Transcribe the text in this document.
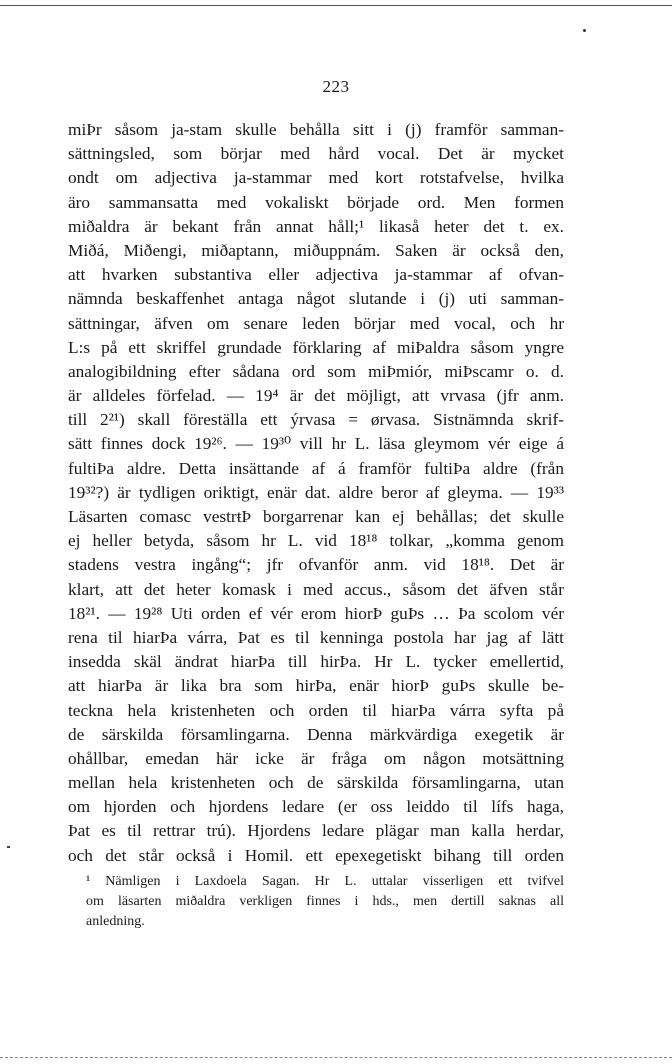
223
miÞr såsom ja-stam skulle behålla sitt i (j) framför samman-
sättningsled, som börjar med hård vocal. Det är mycket
ondt om adjectiva ja-stammar med kort rotstafvelse, hvilka
äro sammansatta med vokaliskt började ord. Men formen
miðaldra är bekant från annat håll;¹ likaså heter det t. ex.
Miðá, Miðengi, miðaptann, miðuppnám. Saken är också den,
att hvarken substantiva eller adjectiva ja-stammar af ofvan-
nämnda beskaffenhet antaga något slutande i (j) uti samman-
sättningar, äfven om senare leden börjar med vocal, och hr
L:s på ett skriffel grundade förklaring af miÞaldra såsom yngre
analogibildning efter sådana ord som miÞmiór, miÞscamr o. d.
är alldeles förfelad. — 19⁴ är det möjligt, att vrvasa (jfr anm.
till 2²¹) skall föreställa ett ýrvasa = ørvasa. Sistnämnda skrif-
sätt finnes dock 19²⁶. — 19³⁰ vill hr L. läsa gleymom vér eige á
fultiÞa aldre. Detta insättande af á framför fultiÞa aldre (från
19³²?) är tydligen oriktigt, enär dat. aldre beror af gleyma. — 19³³
Läsarten comasc vestrŧÞ borgarrenar kan ej behållas; det skulle
ej heller betyda, såsom hr L. vid 18¹⁸ tolkar, „komma genom
stadens vestra ingång“; jfr ofvanför anm. vid 18¹⁸. Det är
klart, att det heter komask i med accus., såsom det äfven står
18²¹. — 19²⁸ Uti orden ef vér erom hiorÞ guÞs … Þa scolom vér
rena til hiarÞa várra, Þat es til kenninga postola har jag af lätt
insedda skäl ändrat hiarÞa till hirÞa. Hr L. tycker emellertid,
att hiarÞa är lika bra som hirÞa, enär hiorÞ guÞs skulle be-
teckna hela kristenheten och orden til hiarÞa várra syfta på
de särskilda församlingarna. Denna märkvärdiga exegetik är
ohållbar, emedan här icke är fråga om någon motsättning
mellan hela kristenheten och de särskilda församlingarna, utan
om hjorden och hjordens ledare (er oss leiddo til lífs haga,
Þat es til rettrar trú). Hjordens ledare plägar man kalla herdar,
och det står också i Homil. ett epexegetiskt bihang till orden
¹ Nämligen i Laxdoela Sagan. Hr L. uttalar visserligen ett tvifvel
om läsarten miðaldra verkligen finnes i hds., men dertill saknas all
anledning.
